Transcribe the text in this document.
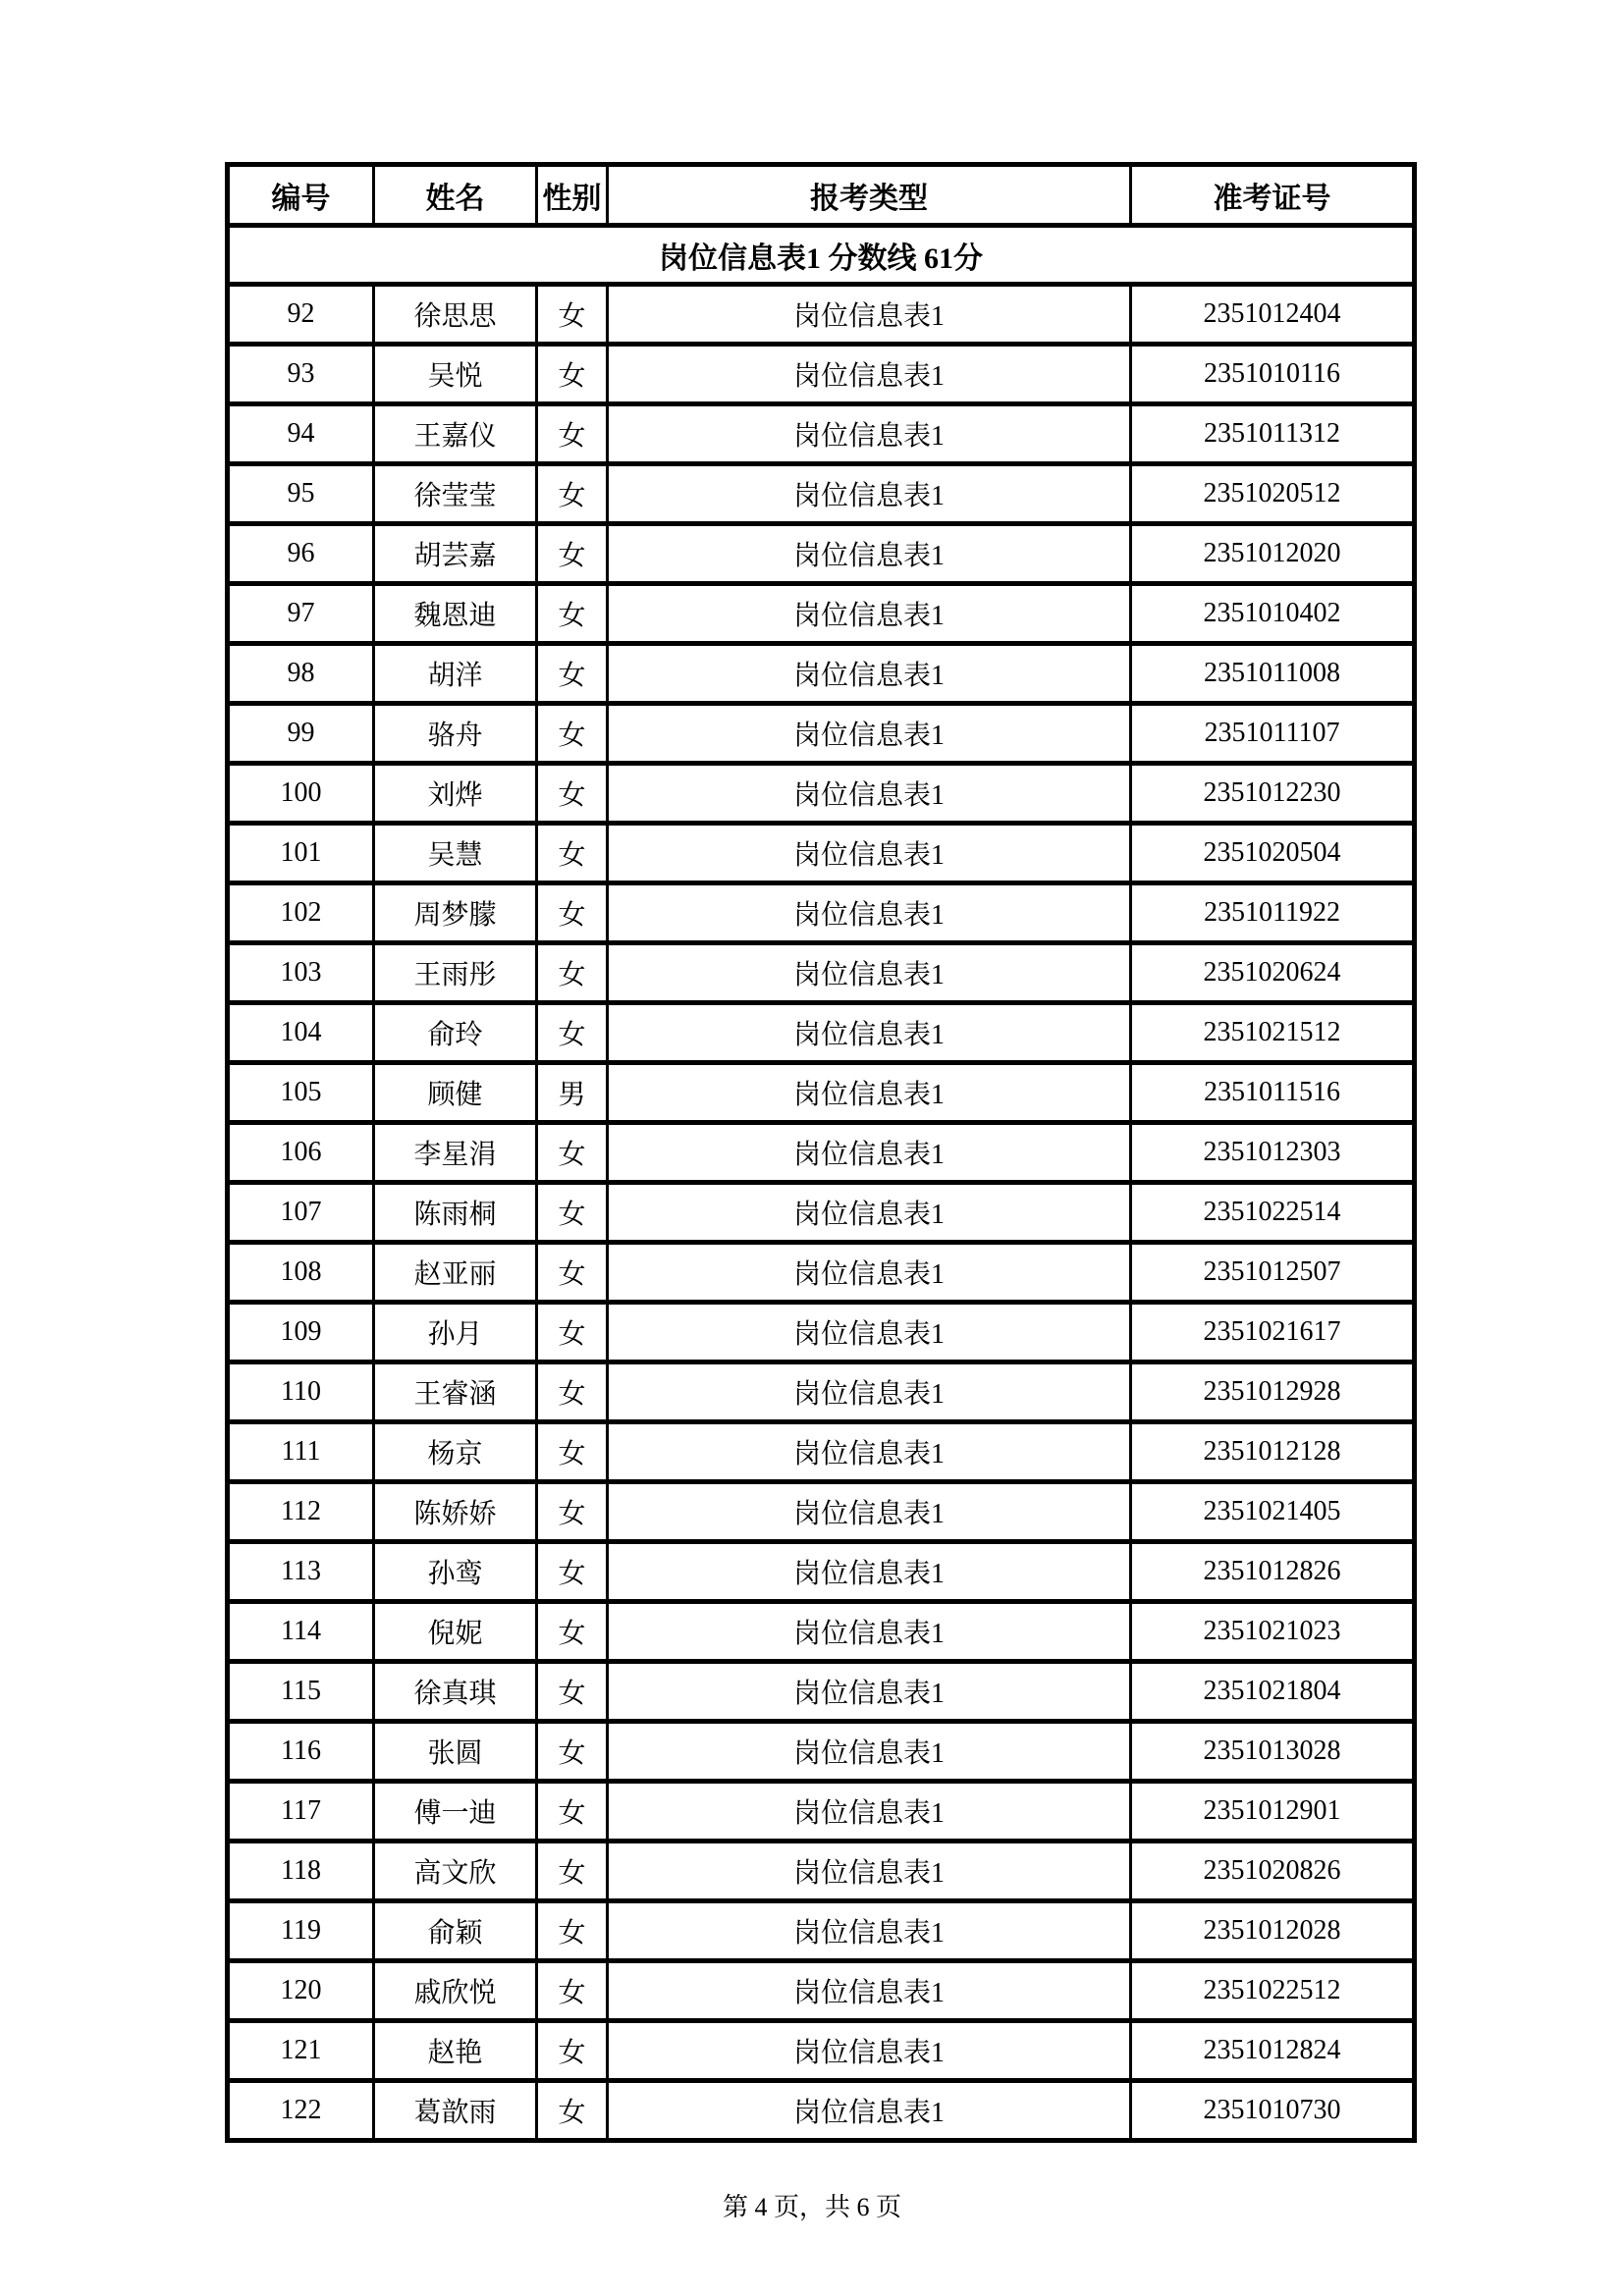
编号	姓名	性别	报考类型	准考证号
岗位信息表1 分数线 61分				
92	徐思思	女	岗位信息表1	2351012404
93	吴悦	女	岗位信息表1	2351010116
94	王嘉仪	女	岗位信息表1	2351011312
95	徐莹莹	女	岗位信息表1	2351020512
96	胡芸嘉	女	岗位信息表1	2351012020
97	魏恩迪	女	岗位信息表1	2351010402
98	胡洋	女	岗位信息表1	2351011008
99	骆舟	女	岗位信息表1	2351011107
100	刘烨	女	岗位信息表1	2351012230
101	吴慧	女	岗位信息表1	2351020504
102	周梦朦	女	岗位信息表1	2351011922
103	王雨彤	女	岗位信息表1	2351020624
104	俞玲	女	岗位信息表1	2351021512
105	顾健	男	岗位信息表1	2351011516
106	李星涓	女	岗位信息表1	2351012303
107	陈雨桐	女	岗位信息表1	2351022514
108	赵亚丽	女	岗位信息表1	2351012507
109	孙月	女	岗位信息表1	2351021617
110	王睿涵	女	岗位信息表1	2351012928
111	杨京	女	岗位信息表1	2351012128
112	陈娇娇	女	岗位信息表1	2351021405
113	孙鸾	女	岗位信息表1	2351012826
114	倪妮	女	岗位信息表1	2351021023
115	徐真琪	女	岗位信息表1	2351021804
116	张圆	女	岗位信息表1	2351013028
117	傅一迪	女	岗位信息表1	2351012901
118	高文欣	女	岗位信息表1	2351020826
119	俞颖	女	岗位信息表1	2351012028
120	戚欣悦	女	岗位信息表1	2351022512
121	赵艳	女	岗位信息表1	2351012824
122	葛歆雨	女	岗位信息表1	2351010730
第 4 页，共 6 页
